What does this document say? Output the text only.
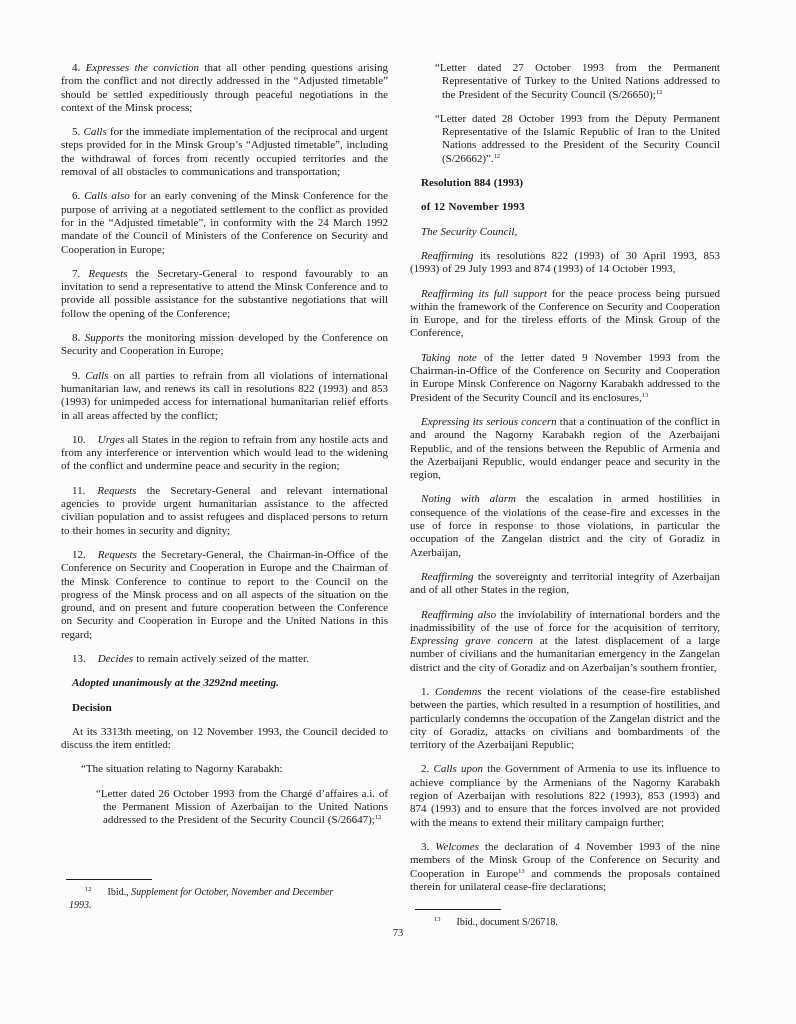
4. Expresses the conviction that all other pending questions arising from the conflict and not directly addressed in the “Adjusted timetable” should be settled expeditiously through peaceful negotiations in the context of the Minsk process;

5. Calls for the immediate implementation of the reciprocal and urgent steps provided for in the Minsk Group’s “Adjusted timetable”, including the withdrawal of forces from recently occupied territories and the removal of all obstacles to communications and transportation;

6. Calls also for an early convening of the Minsk Conference for the purpose of arriving at a negotiated settlement to the conflict as provided for in the “Adjusted timetable”, in conformity with the 24 March 1992 mandate of the Council of Ministers of the Conference on Security and Cooperation in Europe;

7. Requests the Secretary-General to respond favourably to an invitation to send a representative to attend the Minsk Conference and to provide all possible assistance for the substantive negotiations that will follow the opening of the Conference;

8. Supports the monitoring mission developed by the Conference on Security and Cooperation in Europe;

9. Calls on all parties to refrain from all violations of international humanitarian law, and renews its call in resolutions 822 (1993) and 853 (1993) for unimpeded access for international humanitarian relief efforts in all areas affected by the conflict;

10. Urges all States in the region to refrain from any hostile acts and from any interference or intervention which would lead to the widening of the conflict and undermine peace and security in the region;

11. Requests the Secretary-General and relevant international agencies to provide urgent humanitarian assistance to the affected civilian population and to assist refugees and displaced persons to return to their homes in security and dignity;

12. Requests the Secretary-General, the Chairman-in-Office of the Conference on Security and Cooperation in Europe and the Chairman of the Minsk Conference to continue to report to the Council on the progress of the Minsk process and on all aspects of the situation on the ground, and on present and future cooperation between the Conference on Security and Cooperation in Europe and the United Nations in this regard;

13. Decides to remain actively seized of the matter.

Adopted unanimously at the 3292nd meeting.

Decision

At its 3313th meeting, on 12 November 1993, the Council decided to discuss the item entitled:

“The situation relating to Nagorny Karabakh:

“Letter dated 26 October 1993 from the Chargé d’affaires a.i. of the Permanent Mission of Azerbaijan to the United Nations addressed to the President of the Security Council (S/26647);$^{12}$

$^{12}$ Ibid., Supplement for October, November and December
1993.

“Letter dated 27 October 1993 from the Permanent Representative of Turkey to the United Nations addressed to the President of the Security Council (S/26650);$^{12}$

“Letter dated 28 October 1993 from the Deputy Permanent Representative of the Islamic Republic of Iran to the United Nations addressed to the President of the Security Council (S/26662)”.$^{12}$

Resolution 884 (1993)

of 12 November 1993

The Security Council,

Reaffirming its resolutions 822 (1993) of 30 April 1993, 853 (1993) of 29 July 1993 and 874 (1993) of 14 October 1993,

Reaffirming its full support for the peace process being pursued within the framework of the Conference on Security and Cooperation in Europe, and for the tireless efforts of the Minsk Group of the Conference,

Taking note of the letter dated 9 November 1993 from the Chairman-in-Office of the Conference on Security and Cooperation in Europe Minsk Conference on Nagorny Karabakh addressed to the President of the Security Council and its enclosures,$^{13}$

Expressing its serious concern that a continuation of the conflict in and around the Nagorny Karabakh region of the Azerbaijani Republic, and of the tensions between the Republic of Armenia and the Azerbaijani Republic, would endanger peace and security in the region,

Noting with alarm the escalation in armed hostilities in consequence of the violations of the cease-fire and excesses in the use of force in response to those violations, in particular the occupation of the Zangelan district and the city of Goradiz in Azerbaijan,

Reaffirming the sovereignty and territorial integrity of Azerbaijan and of all other States in the region,

Reaffirming also the inviolability of international borders and the inadmissibility of the use of force for the acquisition of territory, Expressing grave concern at the latest displacement of a large number of civilians and the humanitarian emergency in the Zangelan district and the city of Goradiz and on Azerbaijan’s southern frontier,

1. Condemns the recent violations of the cease-fire established between the parties, which resulted in a resumption of hostilities, and particularly condemns the occupation of the Zangelan district and the city of Goradiz, attacks on civilians and bombardments of the territory of the Azerbaijani Republic;

2. Calls upon the Government of Armenia to use its influence to achieve compliance by the Armenians of the Nagorny Karabakh region of Azerbaijan with resolutions 822 (1993), 853 (1993) and 874 (1993) and to ensure that the forces involved are not provided with the means to extend their military campaign further;

3. Welcomes the declaration of 4 November 1993 of the nine members of the Minsk Group of the Conference on Security and Cooperation in Europe$^{13}$ and commends the proposals contained therein for unilateral cease-fire declarations;

$^{13}$ Ibid., document S/26718.

73
